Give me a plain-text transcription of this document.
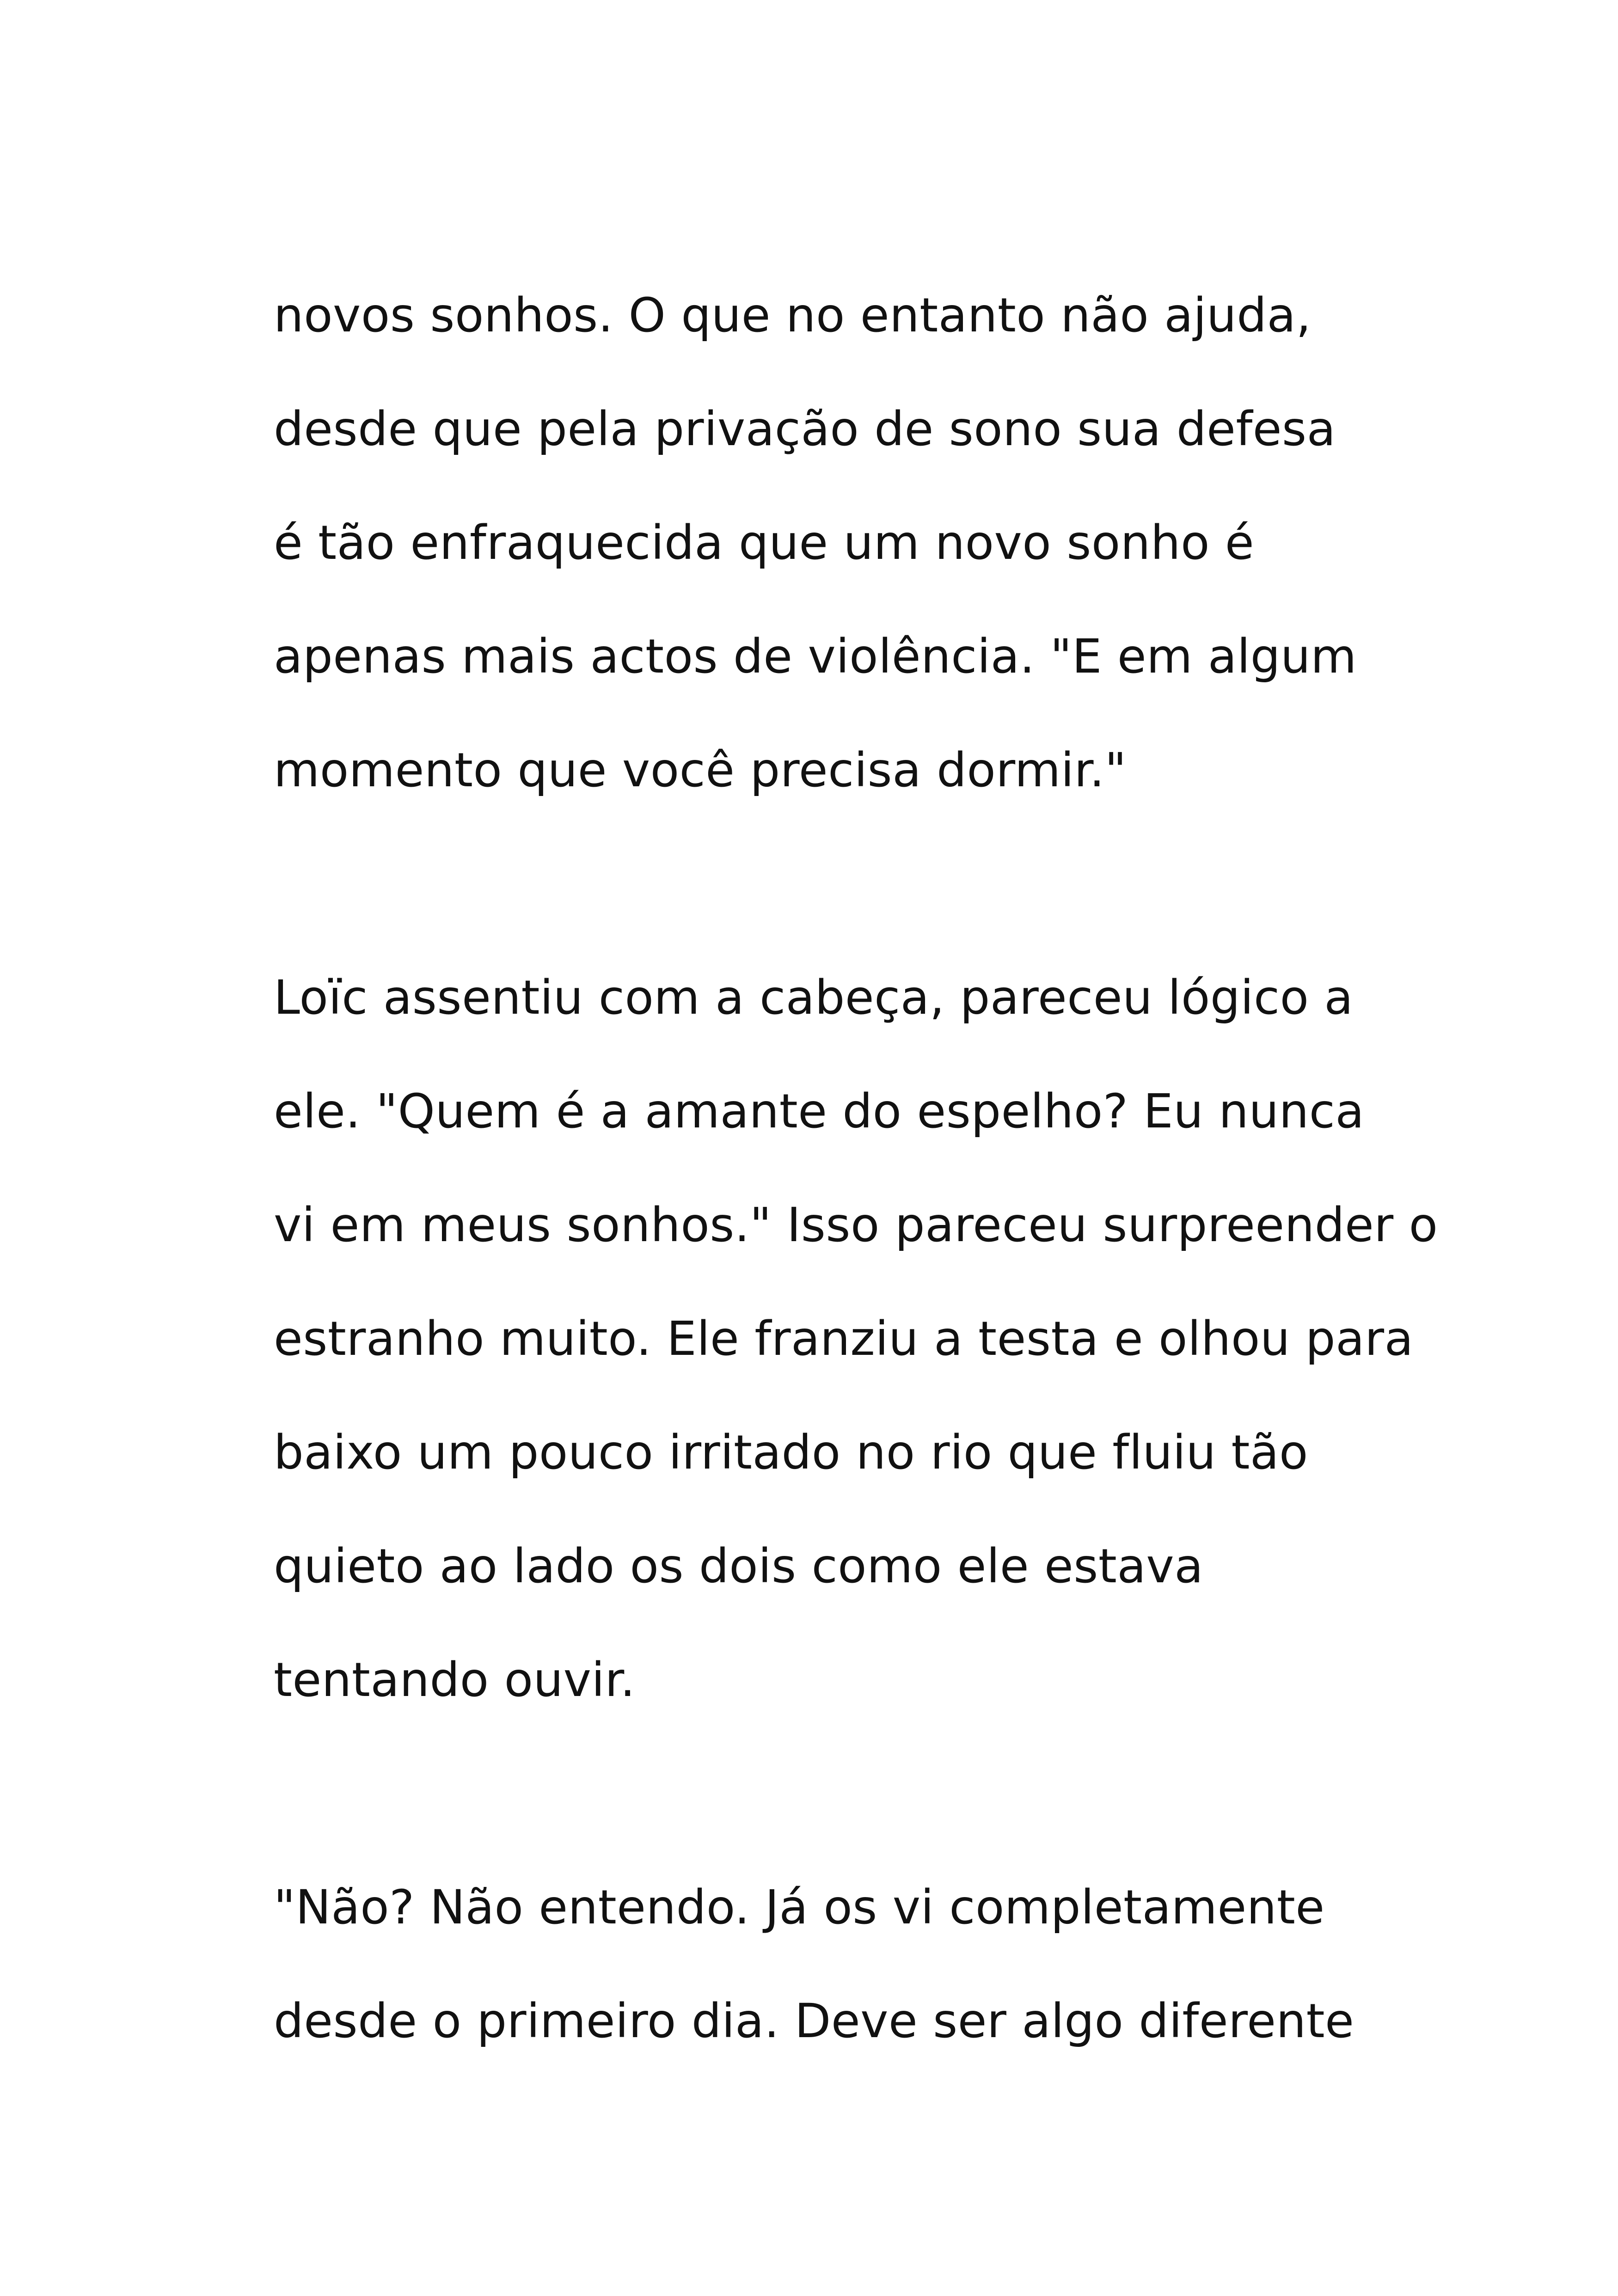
novos sonhos. O que no entanto não ajuda,
desde que pela privação de sono sua defesa
é tão enfraquecida que um novo sonho é
apenas mais actos de violência. "E em algum
momento que você precisa dormir."
Loïc assentiu com a cabeça, pareceu lógico a
ele. "Quem é a amante do espelho? Eu nunca
vi em meus sonhos." Isso pareceu surpreender o
estranho muito. Ele franziu a testa e olhou para
baixo um pouco irritado no rio que fluiu tão
quieto ao lado os dois como ele estava
tentando ouvir.
"Não? Não entendo. Já os vi completamente
desde o primeiro dia. Deve ser algo diferente
